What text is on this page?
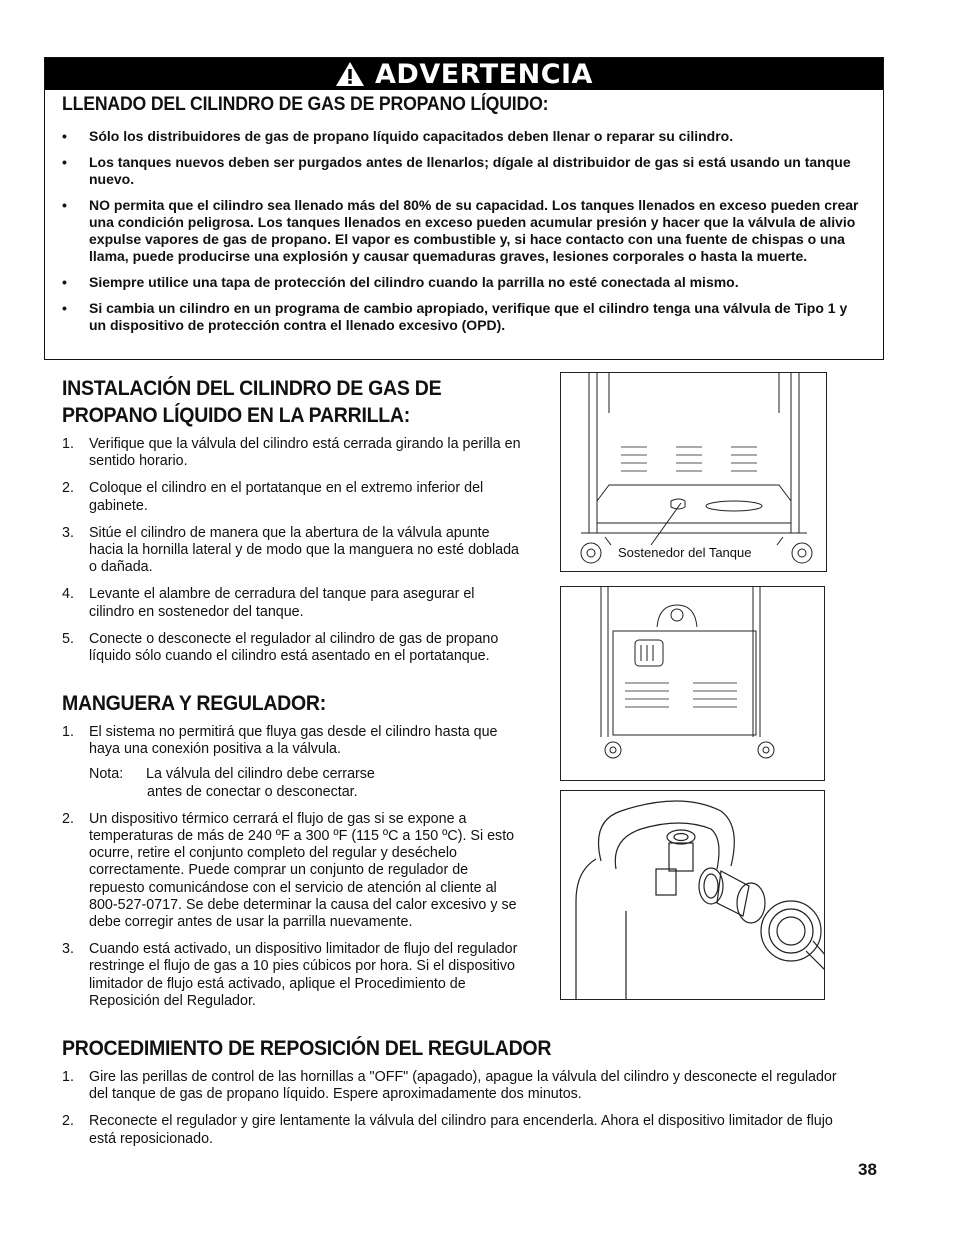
ADVERTENCIA
LLENADO DEL CILINDRO DE GAS DE PROPANO LÍQUIDO:
• Sólo los distribuidores de gas de propano líquido capacitados deben llenar o reparar su cilindro.
• Los tanques nuevos deben ser purgados antes de llenarlos; dígale al distribuidor de gas si está usando un tanque nuevo.
• NO permita que el cilindro sea llenado más del 80% de su capacidad. Los tanques llenados en exceso pueden crear una condición peligrosa. Los tanques llenados en exceso pueden acumular presión y hacer que la válvula de alivio expulse vapores de gas de propano. El vapor es combustible y, si hace contacto con una fuente de chispas o una llama, puede producirse una explosión y causar quemaduras graves, lesiones corporales o hasta la muerte.
• Siempre utilice una tapa de protección del cilindro cuando la parrilla no esté conectada al mismo.
• Si cambia un cilindro en un programa de cambio apropiado, verifique que el cilindro tenga una válvula de Tipo 1 y un dispositivo de protección contra el llenado excesivo (OPD).
INSTALACIÓN DEL CILINDRO DE GAS DE
PROPANO LÍQUIDO EN LA PARRILLA:
1. Verifique que la válvula del cilindro está cerrada girando la perilla en sentido horario.
2. Coloque el cilindro en el portatanque en el extremo inferior del gabinete.
3. Sitúe el cilindro de manera que la abertura de la válvula apunte hacia la hornilla lateral y de modo que la manguera no esté doblada o dañada.
4. Levante el alambre de cerradura del tanque para asegurar el cilindro en sostenedor del tanque.
5. Conecte o desconecte el regulador al cilindro de gas de propano líquido sólo cuando el cilindro está asentado en el portatanque.
MANGUERA Y REGULADOR:
1. El sistema no permitirá que fluya gas desde el cilindro hasta que haya una conexión positiva a la válvula.
Nota:	La válvula del cilindro debe cerrarse
antes de conectar o desconectar.
2. Un dispositivo térmico cerrará el flujo de gas si se expone a temperaturas de más de 240 ºF a 300 ºF (115 ºC a 150 ºC). Si esto ocurre, retire el conjunto completo del regular y deséchelo correctamente. Puede comprar un conjunto de regulador de repuesto comunicándose con el servicio de atención al cliente al 800-527-0717. Se debe determinar la causa del calor excesivo y se debe corregir antes de usar la parrilla nuevamente.
3. Cuando está activado, un dispositivo limitador de flujo del regulador restringe el flujo de gas a 10 pies cúbicos por hora. Si el dispositivo limitador de flujo está activado, aplique el Procedimiento de Reposición del Regulador.
PROCEDIMIENTO DE REPOSICIÓN DEL REGULADOR
1. Gire las perillas de control de las hornillas a "OFF" (apagado), apague la válvula del cilindro y desconecte el regulador del tanque de gas de propano líquido. Espere aproximadamente dos minutos.
2. Reconecte el regulador y gire lentamente la válvula del cilindro para encenderla. Ahora el dispositivo limitador de flujo está reposicionado.
Sostenedor del Tanque
38
